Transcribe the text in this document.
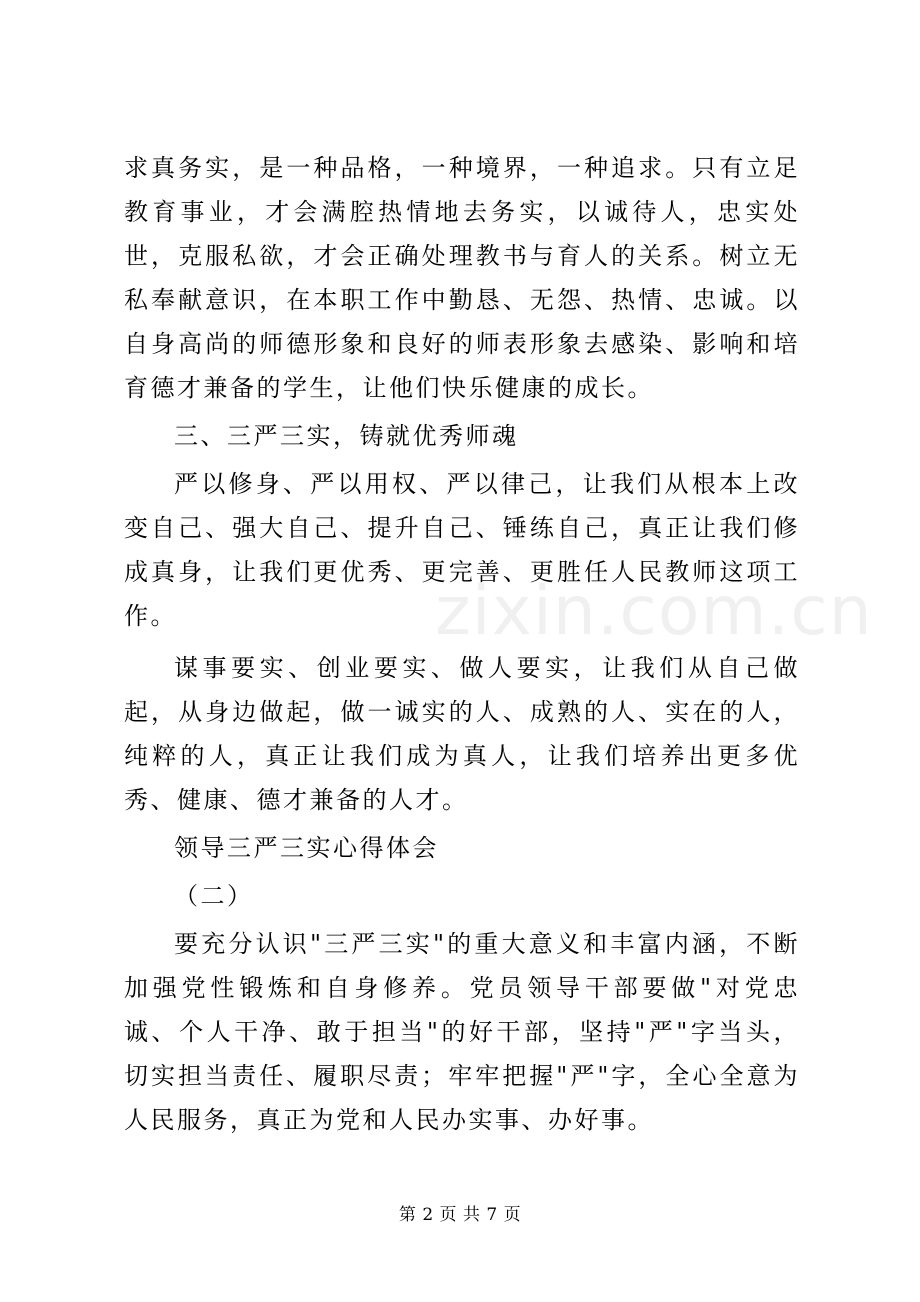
zixin.com.cn

求真务实，是一种品格，一种境界，一种追求。只有立足教育事业，才会满腔热情地去务实，以诚待人，忠实处世，克服私欲，才会正确处理教书与育人的关系。树立无私奉献意识，在本职工作中勤恳、无怨、热情、忠诚。以自身高尚的师德形象和良好的师表形象去感染、影响和培育德才兼备的学生，让他们快乐健康的成长。

三、三严三实，铸就优秀师魂

严以修身、严以用权、严以律己，让我们从根本上改变自己、强大自己、提升自己、锤练自己，真正让我们修成真身，让我们更优秀、更完善、更胜任人民教师这项工作。

谋事要实、创业要实、做人要实，让我们从自己做起，从身边做起，做一诚实的人、成熟的人、实在的人，纯粹的人，真正让我们成为真人，让我们培养出更多优秀、健康、德才兼备的人才。

领导三严三实心得体会

（二）

要充分认识"三严三实"的重大意义和丰富内涵，不断加强党性锻炼和自身修养。党员领导干部要做"对党忠诚、个人干净、敢于担当"的好干部，坚持"严"字当头，切实担当责任、履职尽责；牢牢把握"严"字，全心全意为人民服务，真正为党和人民办实事、办好事。

第 2 页 共 7 页
